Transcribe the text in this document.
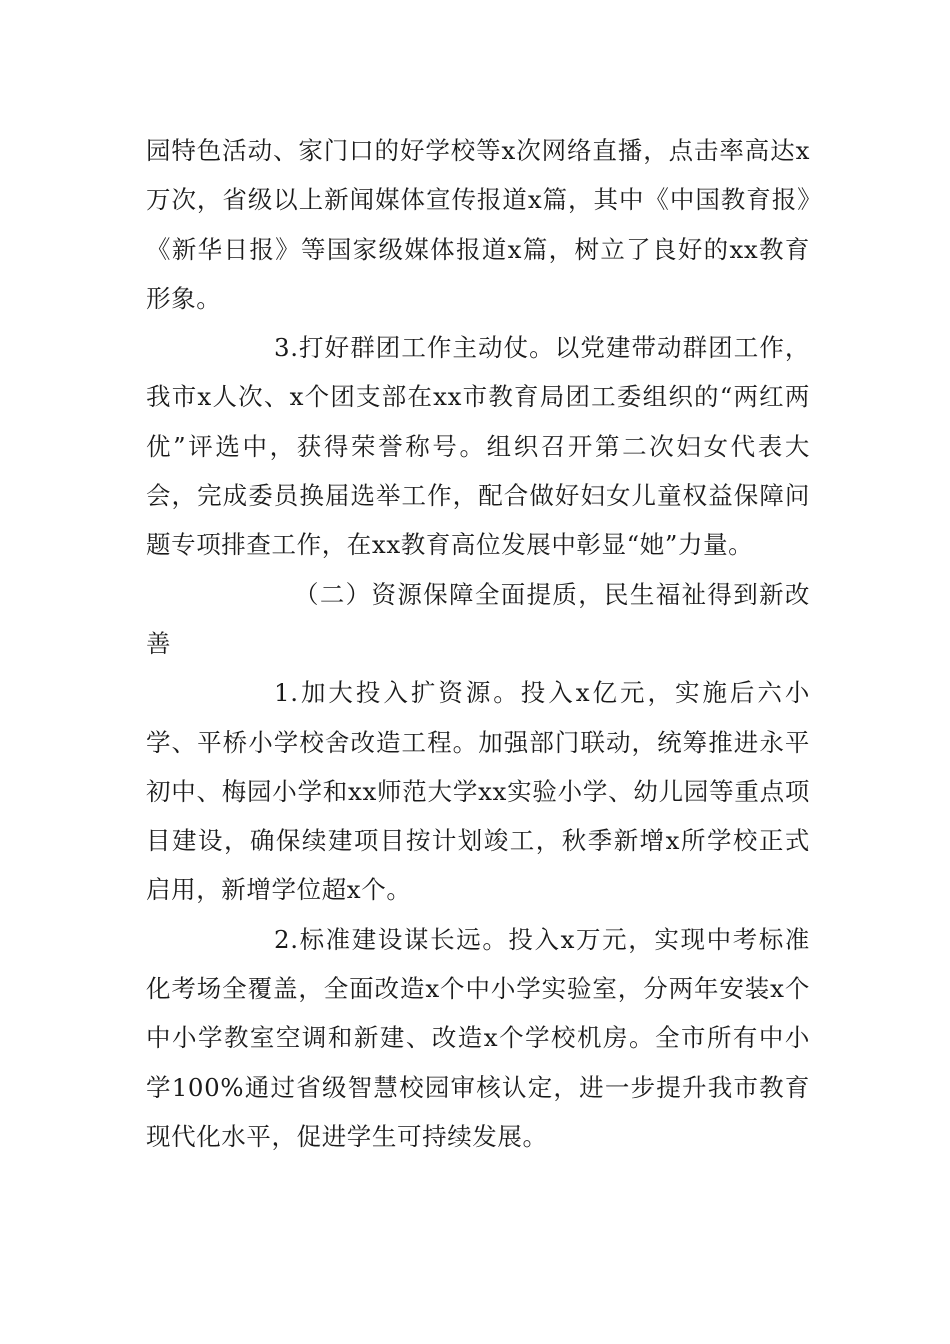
园特色活动、家门口的好学校等x次网络直播，点击率高达x万次，省级以上新闻媒体宣传报道x篇，其中《中国教育报》《新华日报》等国家级媒体报道x篇，树立了良好的xx教育形象。

3.打好群团工作主动仗。以党建带动群团工作，我市x人次、x个团支部在xx市教育局团工委组织的“两红两优”评选中，获得荣誉称号。组织召开第二次妇女代表大会，完成委员换届选举工作，配合做好妇女儿童权益保障问题专项排查工作，在xx教育高位发展中彰显“她”力量。

（二）资源保障全面提质，民生福祉得到新改善

1.加大投入扩资源。投入x亿元，实施后六小学、平桥小学校舍改造工程。加强部门联动，统筹推进永平初中、梅园小学和xx师范大学xx实验小学、幼儿园等重点项目建设，确保续建项目按计划竣工，秋季新增x所学校正式启用，新增学位超x个。

2.标准建设谋长远。投入x万元，实现中考标准化考场全覆盖，全面改造x个中小学实验室，分两年安装x个中小学教室空调和新建、改造x个学校机房。全市所有中小学100%通过省级智慧校园审核认定，进一步提升我市教育现代化水平，促进学生可持续发展。
